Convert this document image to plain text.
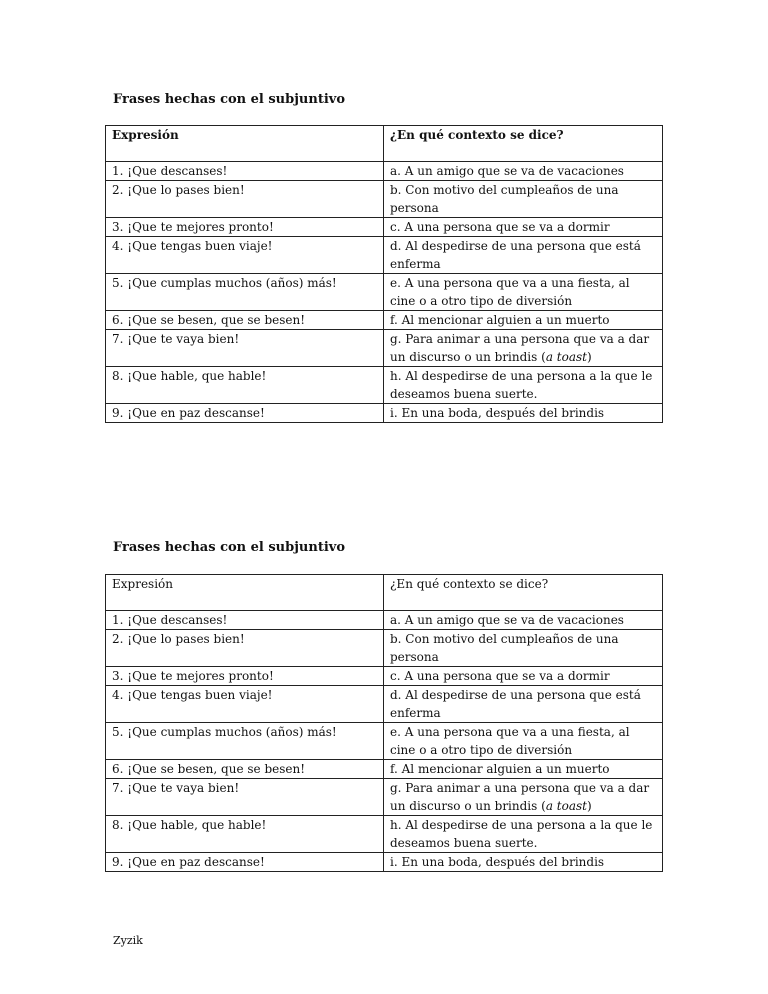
Frases hechas con el subjuntivo
Expresión	¿En qué contexto se dice?
1. ¡Que descanses!	a. A un amigo que se va de vacaciones
2. ¡Que lo pases bien!	b. Con motivo del cumpleaños de una persona
3. ¡Que te mejores pronto!	c. A una persona que se va a dormir
4. ¡Que tengas buen viaje!	d. Al despedirse de una persona que está enferma
5. ¡Que cumplas muchos (años) más!	e. A una persona que va a una fiesta, al cine o a otro tipo de diversión
6. ¡Que se besen, que se besen!	f. Al mencionar alguien a un muerto
7. ¡Que te vaya bien!	g. Para animar a una persona que va a dar un discurso o un brindis (a toast)
8. ¡Que hable, que hable!	h. Al despedirse de una persona a la que le deseamos buena suerte.
9. ¡Que en paz descanse!	i. En una boda, después del brindis
Frases hechas con el subjuntivo
Expresión	¿En qué contexto se dice?
1. ¡Que descanses!	a. A un amigo que se va de vacaciones
2. ¡Que lo pases bien!	b. Con motivo del cumpleaños de una persona
3. ¡Que te mejores pronto!	c. A una persona que se va a dormir
4. ¡Que tengas buen viaje!	d. Al despedirse de una persona que está enferma
5. ¡Que cumplas muchos (años) más!	e. A una persona que va a una fiesta, al cine o a otro tipo de diversión
6. ¡Que se besen, que se besen!	f. Al mencionar alguien a un muerto
7. ¡Que te vaya bien!	g. Para animar a una persona que va a dar un discurso o un brindis (a toast)
8. ¡Que hable, que hable!	h. Al despedirse de una persona a la que le deseamos buena suerte.
9. ¡Que en paz descanse!	i. En una boda, después del brindis
Zyzik
